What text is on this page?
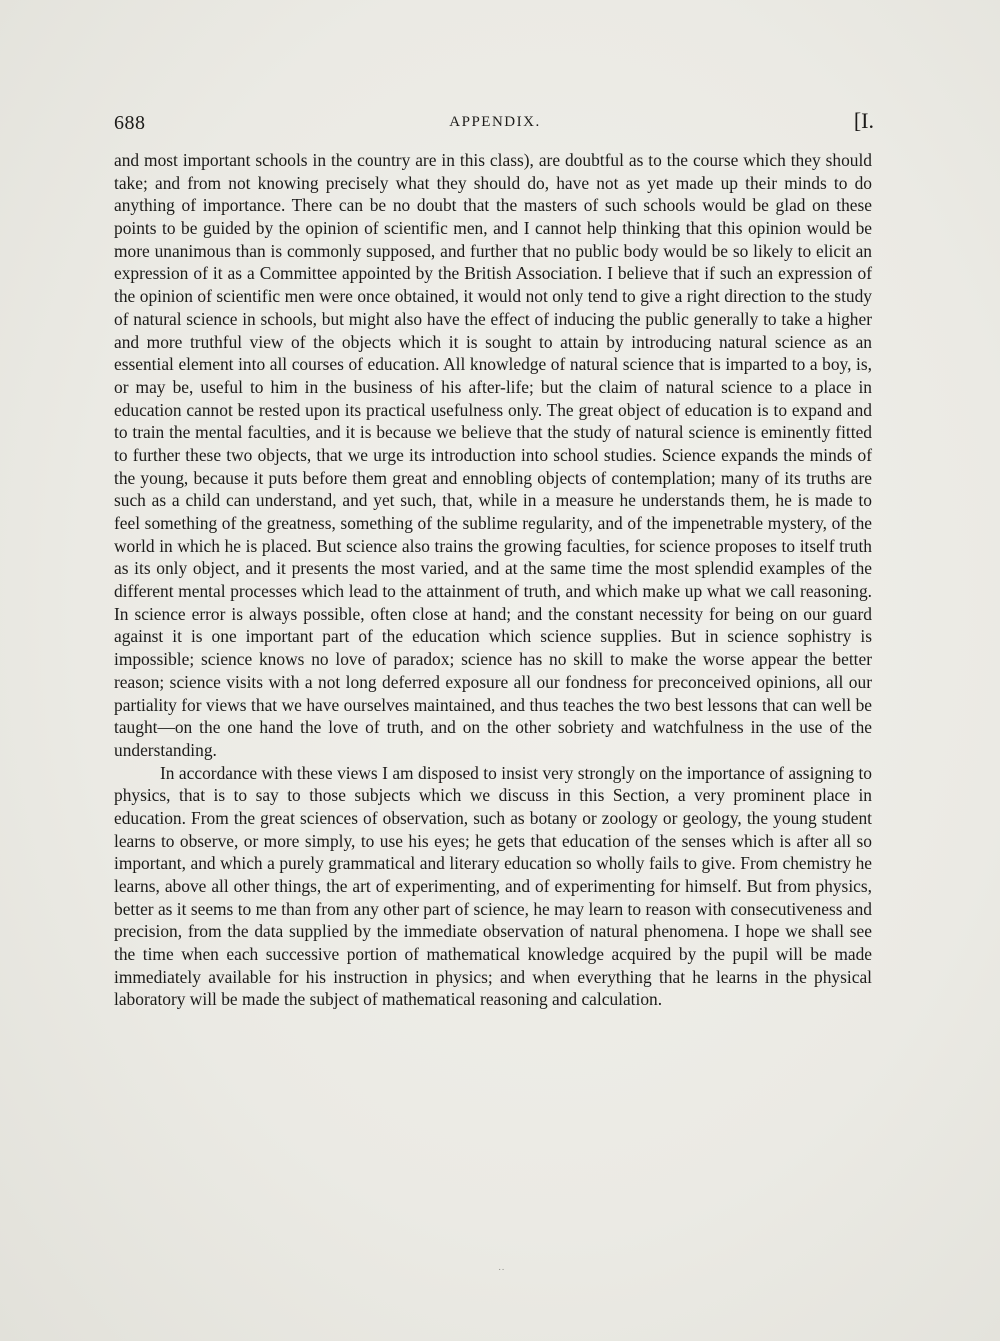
688	APPENDIX.	[I.

and most important schools in the country are in this class), are doubtful as to the course which they should take; and from not knowing precisely what they should do, have not as yet made up their minds to do anything of importance. There can be no doubt that the masters of such schools would be glad on these points to be guided by the opinion of scientific men, and I cannot help thinking that this opinion would be more unanimous than is commonly supposed, and further that no public body would be so likely to elicit an expression of it as a Committee appointed by the British Association. I believe that if such an expression of the opinion of scientific men were once obtained, it would not only tend to give a right direction to the study of natural science in schools, but might also have the effect of inducing the public generally to take a higher and more truthful view of the objects which it is sought to attain by introducing natural science as an essential element into all courses of education. All knowledge of natural science that is imparted to a boy, is, or may be, useful to him in the business of his after-life; but the claim of natural science to a place in education cannot be rested upon its practical usefulness only. The great object of education is to expand and to train the mental faculties, and it is because we believe that the study of natural science is eminently fitted to further these two objects, that we urge its introduction into school studies. Science expands the minds of the young, because it puts before them great and ennobling objects of contemplation; many of its truths are such as a child can understand, and yet such, that, while in a measure he understands them, he is made to feel something of the greatness, something of the sublime regularity, and of the impenetrable mystery, of the world in which he is placed. But science also trains the growing faculties, for science proposes to itself truth as its only object, and it presents the most varied, and at the same time the most splendid examples of the different mental processes which lead to the attainment of truth, and which make up what we call reasoning. In science error is always possible, often close at hand; and the constant necessity for being on our guard against it is one important part of the education which science supplies. But in science sophistry is impossible; science knows no love of paradox; science has no skill to make the worse appear the better reason; science visits with a not long deferred exposure all our fondness for preconceived opinions, all our partiality for views that we have ourselves maintained, and thus teaches the two best lessons that can well be taught—on the one hand the love of truth, and on the other sobriety and watchfulness in the use of the understanding.

In accordance with these views I am disposed to insist very strongly on the importance of assigning to physics, that is to say to those subjects which we discuss in this Section, a very prominent place in education. From the great sciences of observation, such as botany or zoology or geology, the young student learns to observe, or more simply, to use his eyes; he gets that education of the senses which is after all so important, and which a purely grammatical and literary education so wholly fails to give. From chemistry he learns, above all other things, the art of experimenting, and of experimenting for himself. But from physics, better as it seems to me than from any other part of science, he may learn to reason with consecutiveness and precision, from the data supplied by the immediate observation of natural phenomena. I hope we shall see the time when each successive portion of mathematical knowledge acquired by the pupil will be made immediately available for his instruction in physics; and when everything that he learns in the physical laboratory will be made the subject of mathematical reasoning and calculation.

˙˙
